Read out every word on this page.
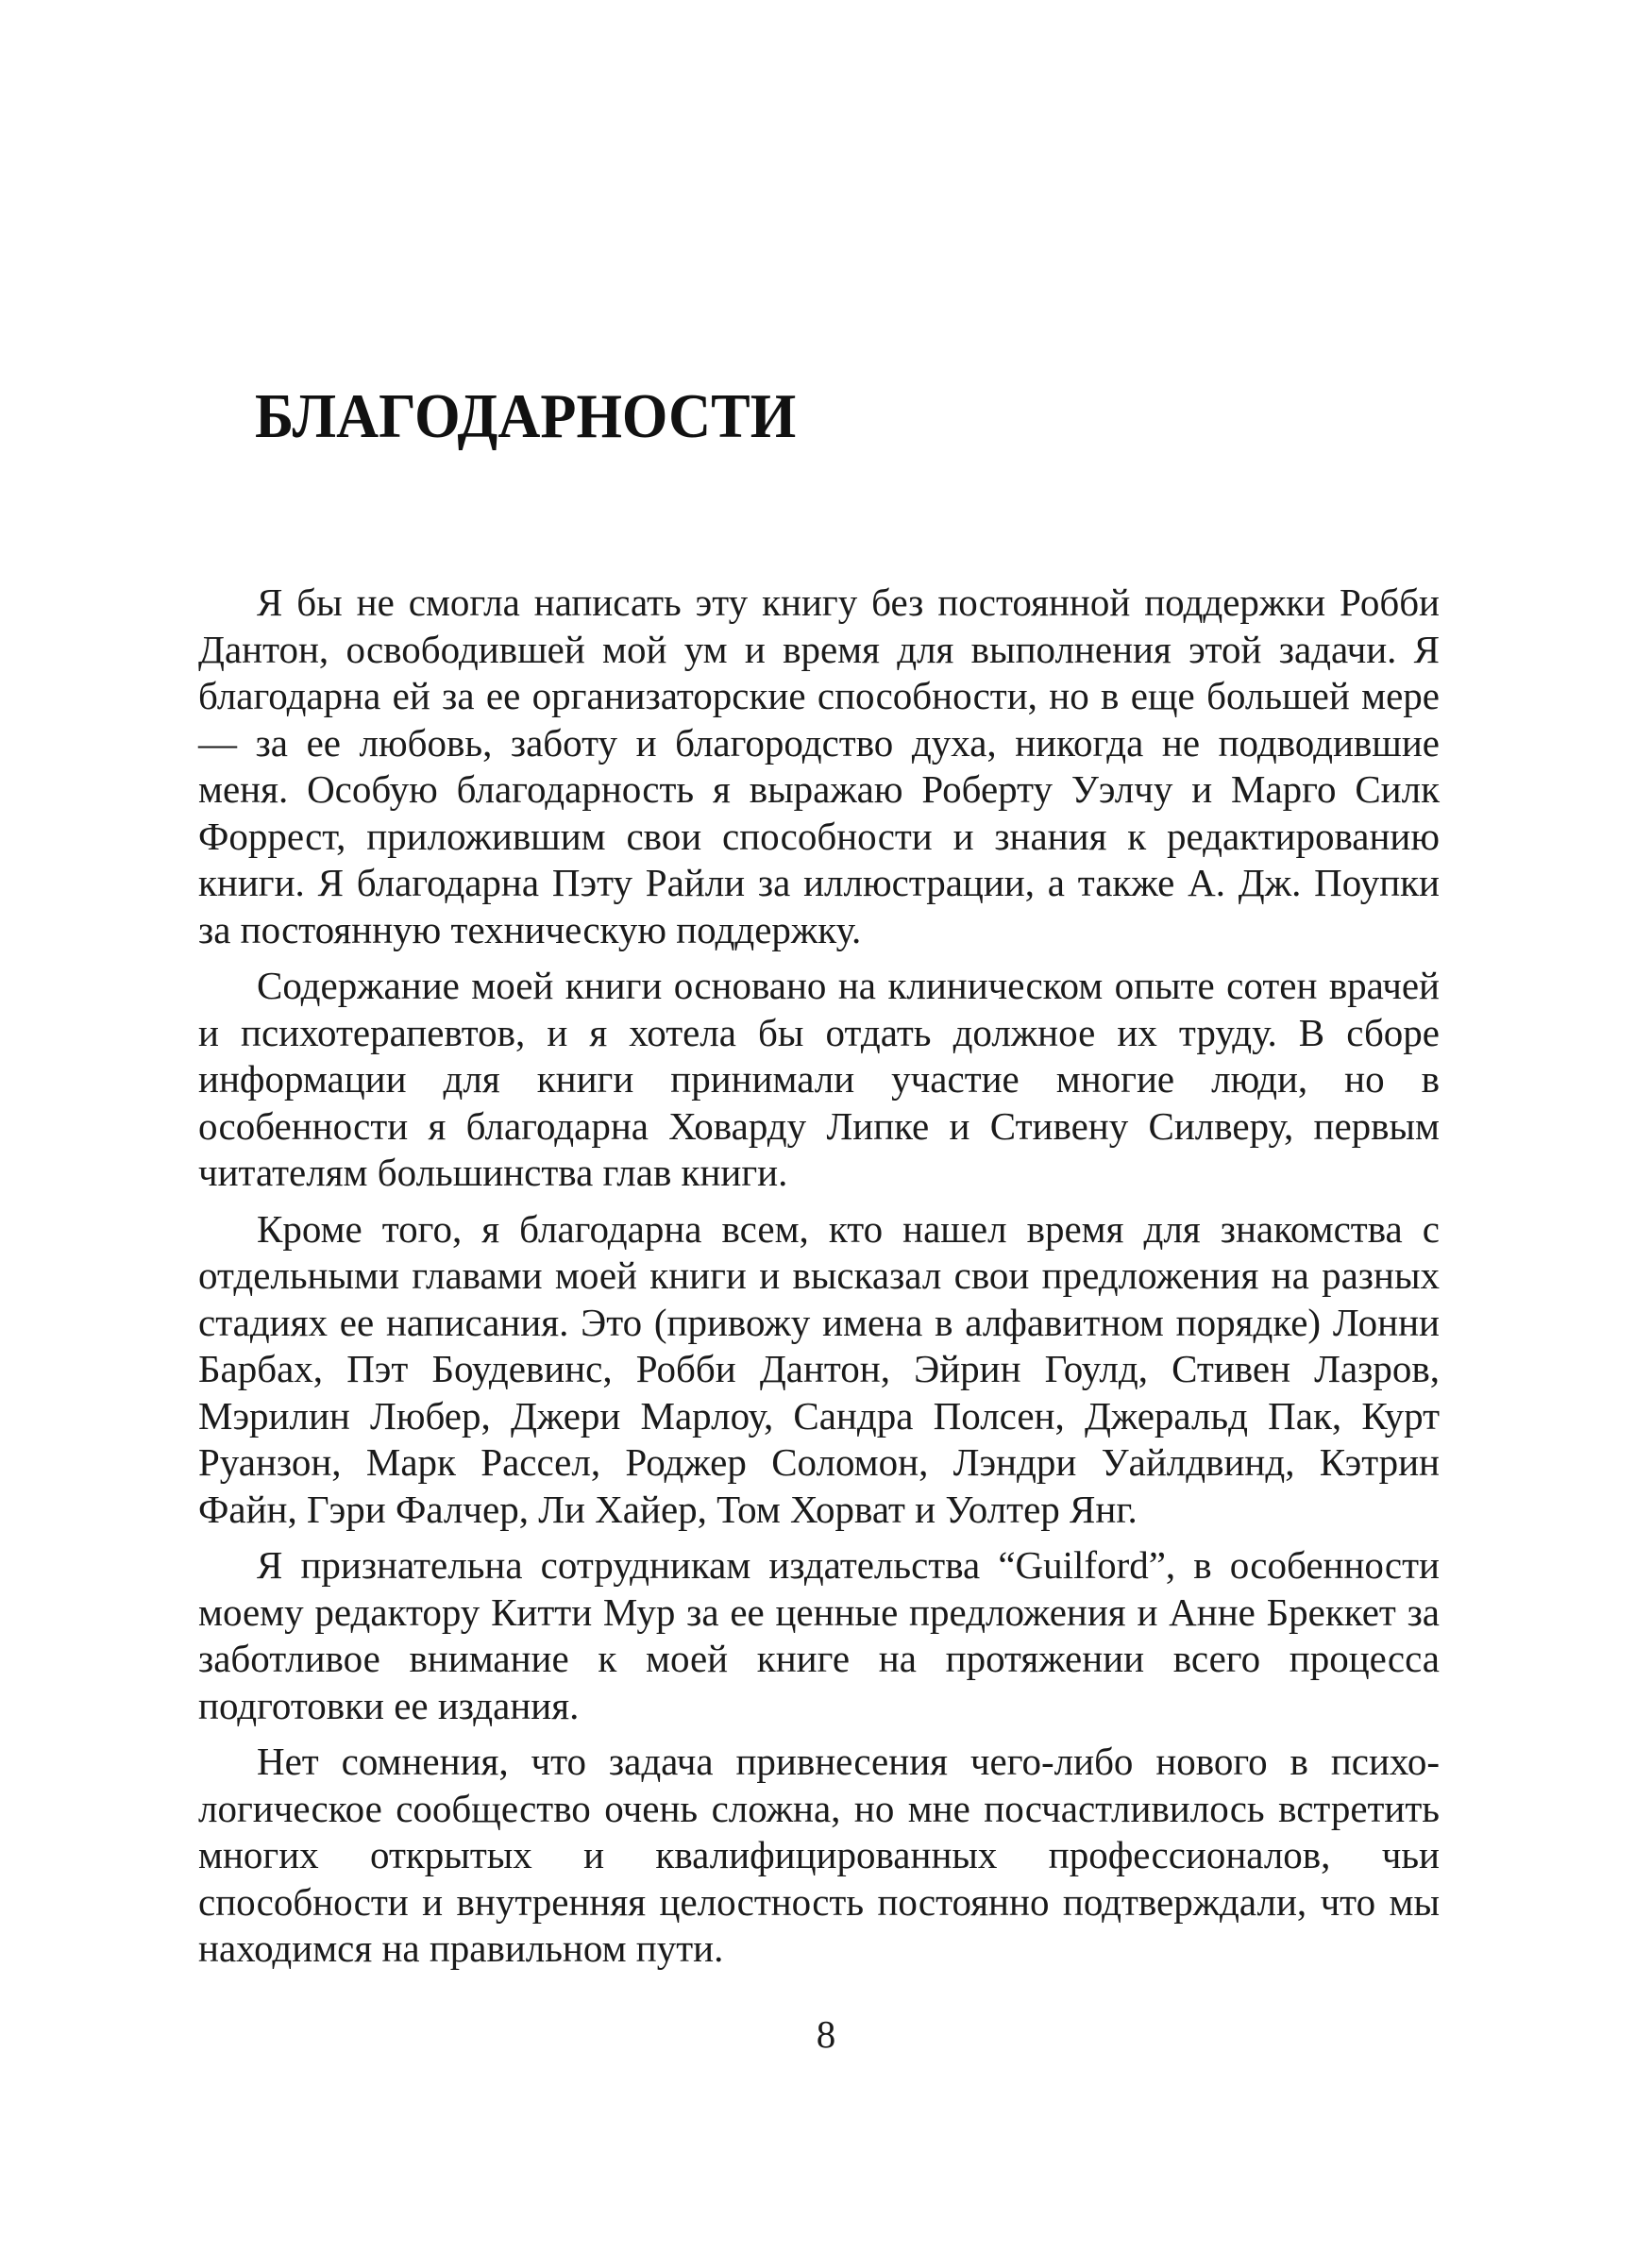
БЛАГОДАРНОСТИ

Я бы не смогла написать эту книгу без постоянной поддержки Робби Дантон, освободившей мой ум и время для выполнения этой задачи. Я благодарна ей за ее организаторские способности, но в еще большей мере — за ее любовь, заботу и благородство духа, никогда не подводившие меня. Особую благодарность я выражаю Роберту Уэлчу и Марго Силк Форрест, приложившим свои способности и знания к редактированию книги. Я благодарна Пэту Райли за иллюстрации, а также А. Дж. Поупки за постоянную техническую поддержку.

Содержание моей книги основано на клиническом опыте сотен врачей и психотерапевтов, и я хотела бы отдать должное их труду. В сборе информации для книги принимали участие многие люди, но в особенности я благодарна Ховарду Липке и Стивену Силверу, первым читателям большинства глав книги.

Кроме того, я благодарна всем, кто нашел время для знакомства с отдельными главами моей книги и высказал свои предложения на разных стадиях ее написания. Это (привожу имена в алфавитном порядке) Лонни Барбах, Пэт Боудевинс, Робби Дантон, Эйрин Гоулд, Стивен Лазров, Мэрилин Любер, Джери Марлоу, Сандра Полсен, Джеральд Пак, Курт Руанзон, Марк Рассел, Роджер Соломон, Лэндри Уайлдвинд, Кэтрин Файн, Гэри Фалчер, Ли Хайер, Том Хорват и Уолтер Янг.

Я признательна сотрудникам издательства “Guilford”, в особенности моему редактору Китти Мур за ее ценные предложения и Анне Бреккет за заботливое внимание к моей книге на протяжении всего процесса подготовки ее издания.

Нет сомнения, что задача привнесения чего-либо нового в психологическое сообщество очень сложна, но мне посчастливилось встретить многих открытых и квалифицированных профессионалов, чьи способности и внутренняя целостность постоянно подтверждали, что мы находимся на правильном пути.

8
